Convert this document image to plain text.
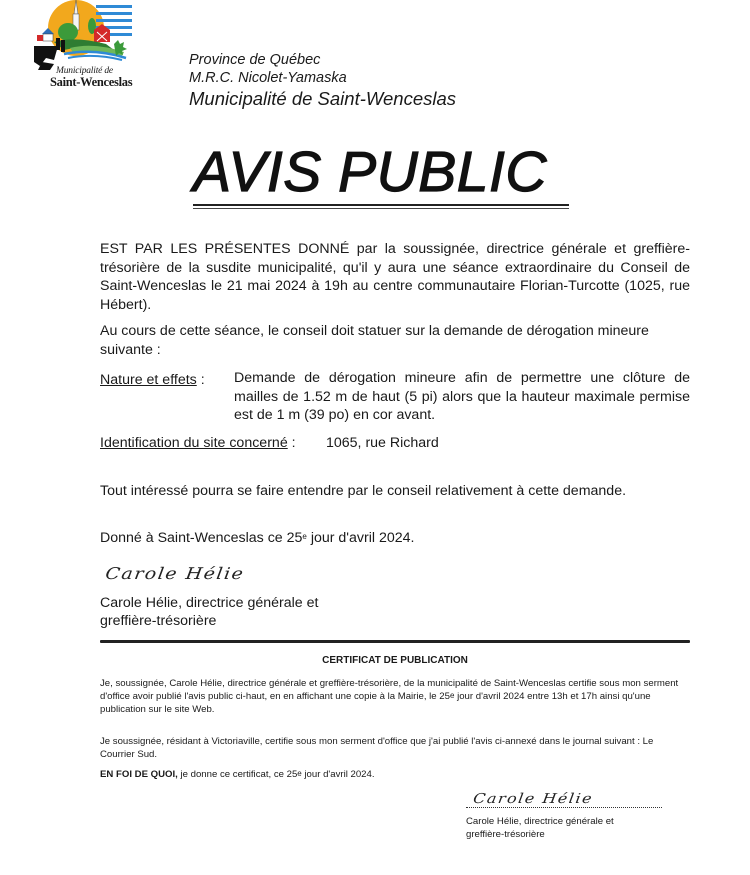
Municipalité de
Saint-Wenceslas
Province de Québec
M.R.C. Nicolet-Yamaska
Municipalité de Saint-Wenceslas
AVIS PUBLIC
EST PAR LES PRÉSENTES DONNÉ par la soussignée, directrice générale et greffière-trésorière de la susdite municipalité, qu'il y aura une séance extraordinaire du Conseil de Saint-Wenceslas le 21 mai 2024 à 19h au centre communautaire Florian-Turcotte (1025, rue Hébert).
Au cours de cette séance, le conseil doit statuer sur la demande de dérogation mineure suivante :
Nature et effets : Demande de dérogation mineure afin de permettre une clôture de mailles de 1.52 m de haut (5 pi) alors que la hauteur maximale permise est de 1 m (39 po) en cor avant.
Identification du site concerné : 1065, rue Richard
Tout intéressé pourra se faire entendre par le conseil relativement à cette demande.
Donné à Saint-Wenceslas ce 25e jour d'avril 2024.
Carole Hélie
Carole Hélie, directrice générale et
greffière-trésorière
CERTIFICAT DE PUBLICATION
Je, soussignée, Carole Hélie, directrice générale et greffière-trésorière, de la municipalité de Saint-Wenceslas certifie sous mon serment d'office avoir publié l'avis public ci-haut, en en affichant une copie à la Mairie, le 25e jour d'avril 2024 entre 13h et 17h ainsi qu'une publication sur le site Web.
Je soussignée, résidant à Victoriaville, certifie sous mon serment d'office que j'ai publié l'avis ci-annexé dans le journal suivant : Le Courrier Sud.
EN FOI DE QUOI, je donne ce certificat, ce 25e jour d'avril 2024.
Carole Hélie
Carole Hélie, directrice générale et
greffière-trésorière
